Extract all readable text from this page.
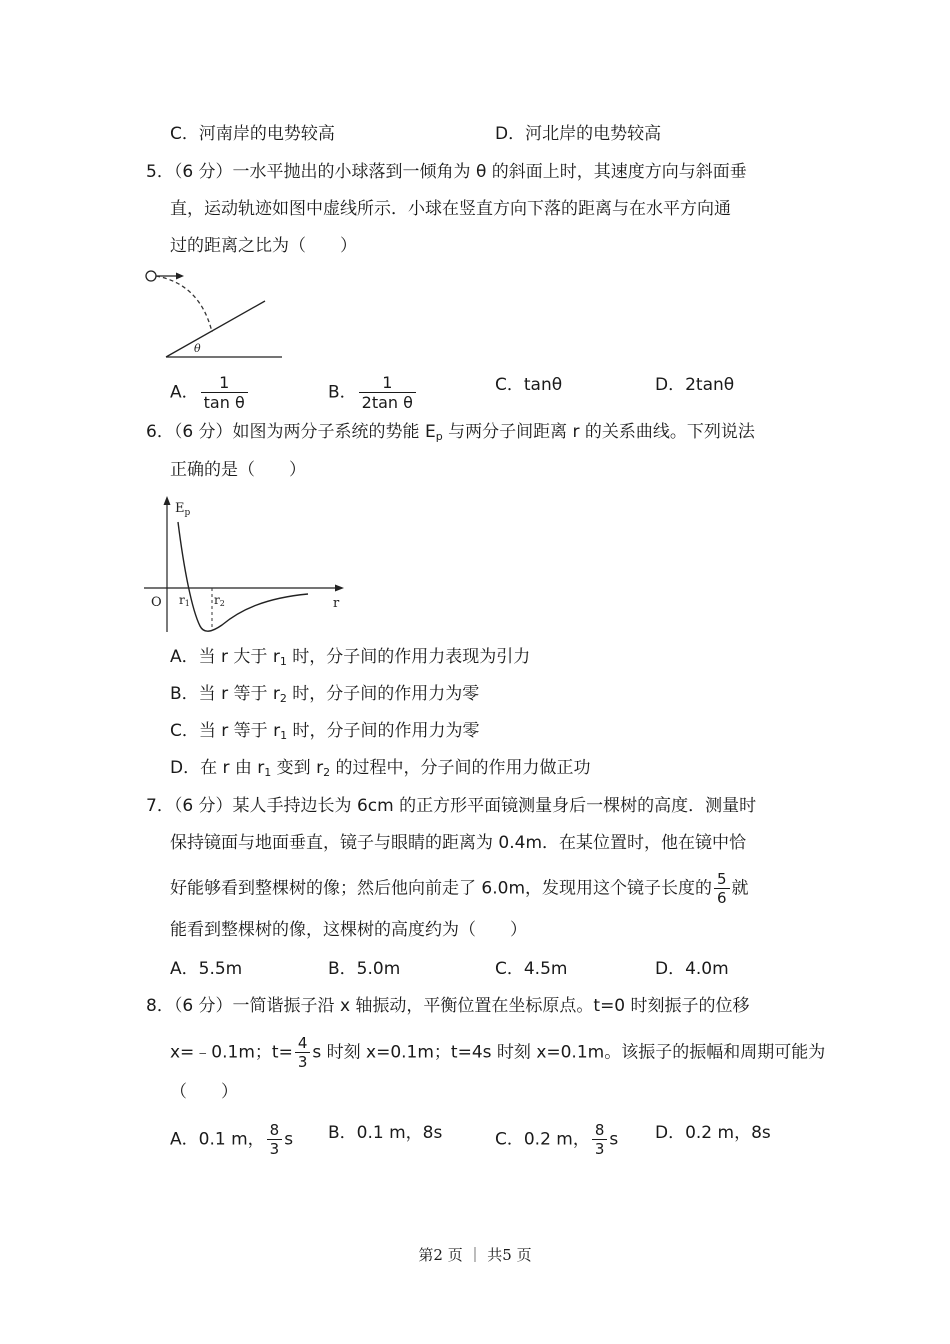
C．河南岸的电势较高	D．河北岸的电势较高
5．（6 分）一水平抛出的小球落到一倾角为 θ 的斜面上时，其速度方向与斜面垂
直，运动轨迹如图中虚线所示．小球在竖直方向下落的距离与在水平方向通
过的距离之比为（　　）
θ
A． $\frac{1}{\text{tan θ}}$	B． $\frac{1}{\text{2tan θ}}$	C．tanθ	D．2tanθ
6．（6 分）如图为两分子系统的势能 $E_p$ 与两分子间距离 r 的关系曲线。下列说法
正确的是（　　）
$E_p$
r
O r1 r2
A．当 r 大于 $r_1$ 时，分子间的作用力表现为引力
B．当 r 等于 $r_2$ 时，分子间的作用力为零
C．当 r 等于 $r_1$ 时，分子间的作用力为零
D．在 r 由 $r_1$ 变到 $r_2$ 的过程中，分子间的作用力做正功
7．（6 分）某人手持边长为 6cm 的正方形平面镜测量身后一棵树的高度．测量时
保持镜面与地面垂直，镜子与眼睛的距离为 0.4m．在某位置时，他在镜中恰
好能够看到整棵树的像；然后他向前走了 6.0m，发现用这个镜子长度的 $\frac{5}{6}$ 就
能看到整棵树的像，这棵树的高度约为（　　）
A．5.5m	B．5.0m	C．4.5m	D．4.0m
8．（6 分）一简谐振子沿 x 轴振动，平衡位置在坐标原点。t=0 时刻振子的位移
x=﹣0.1m；$t= \frac{4}{3}$ s 时刻 x=0.1m；t=4s 时刻 x=0.1m。该振子的振幅和周期可能为
（　　）
A．0.1 m， $\frac{8}{3}$ s B．0.1 m，8s	C．0.2 m， $\frac{8}{3}$ s D．0.2 m，8s
第2 页 ｜ 共5 页
